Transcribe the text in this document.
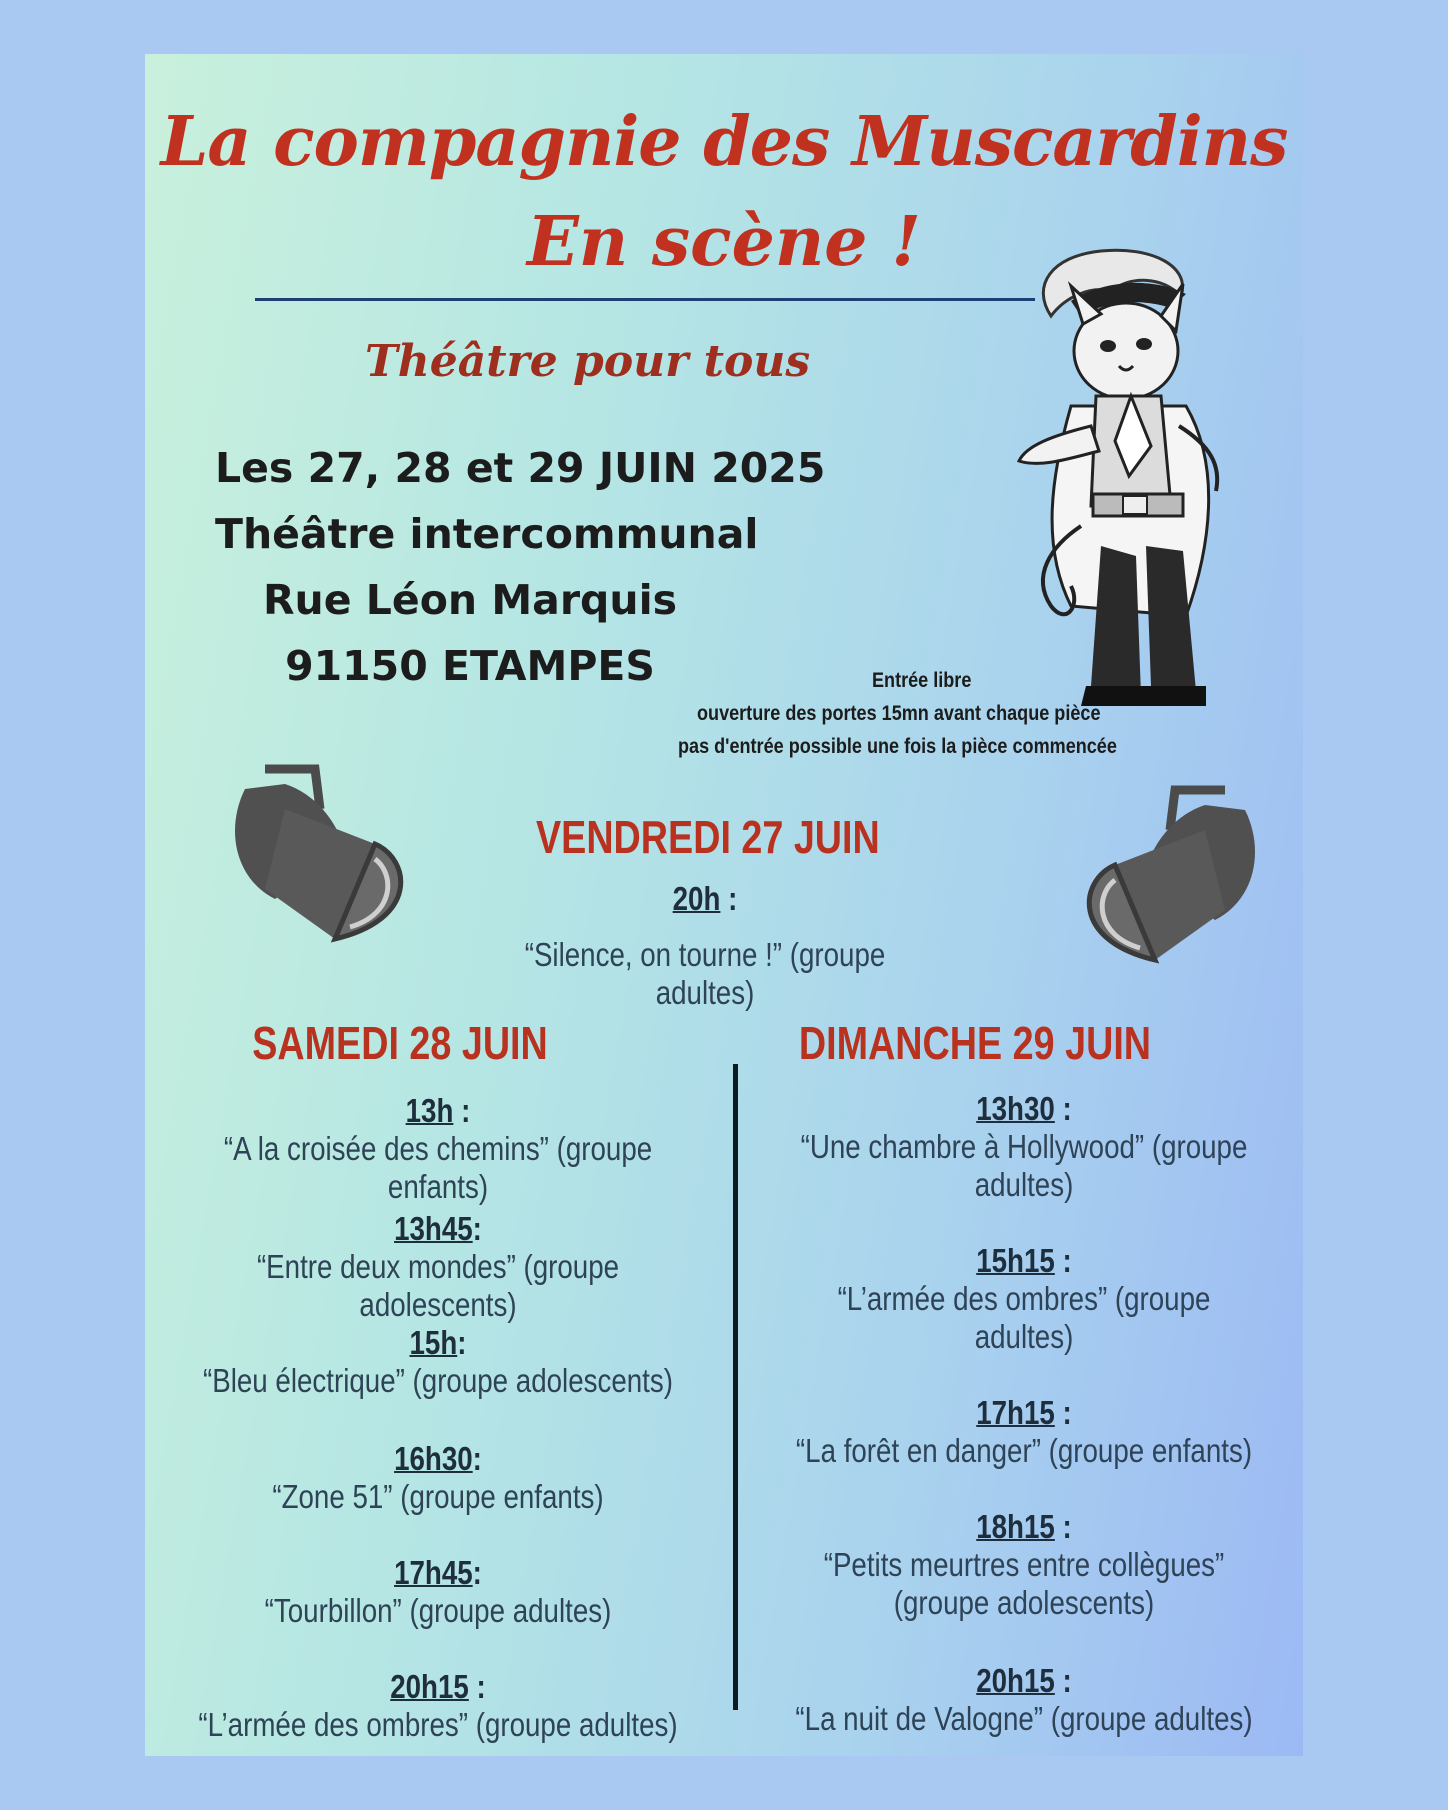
La compagnie des Muscardins
En scène !
Théâtre pour tous
Les 27, 28 et 29 JUIN 2025
Théâtre intercommunal
Rue Léon Marquis
91150 ETAMPES	Entrée libre
ouverture des portes 15mn avant chaque pièce
pas d'entrée possible une fois la pièce commencée
VENDREDI 27 JUIN
20h :
“Silence, on tourne !” (groupe adultes)
SAMEDI 28 JUIN
13h :
“A la croisée des chemins” (groupe enfants)
13h45:
“Entre deux mondes” (groupe adolescents)
15h:
“Bleu électrique” (groupe adolescents)
16h30:
“Zone 51” (groupe enfants)
17h45:
“Tourbillon” (groupe adultes)
20h15 :
“L’armée des ombres” (groupe adultes)
DIMANCHE 29 JUIN
13h30 :
“Une chambre à Hollywood” (groupe
adultes)
15h15 :
“L’armée des ombres” (groupe
adultes)
17h15 :
“La forêt en danger” (groupe enfants)
18h15 :
“Petits meurtres entre collègues”
(groupe adolescents)
20h15 :
“La nuit de Valogne” (groupe adultes)
